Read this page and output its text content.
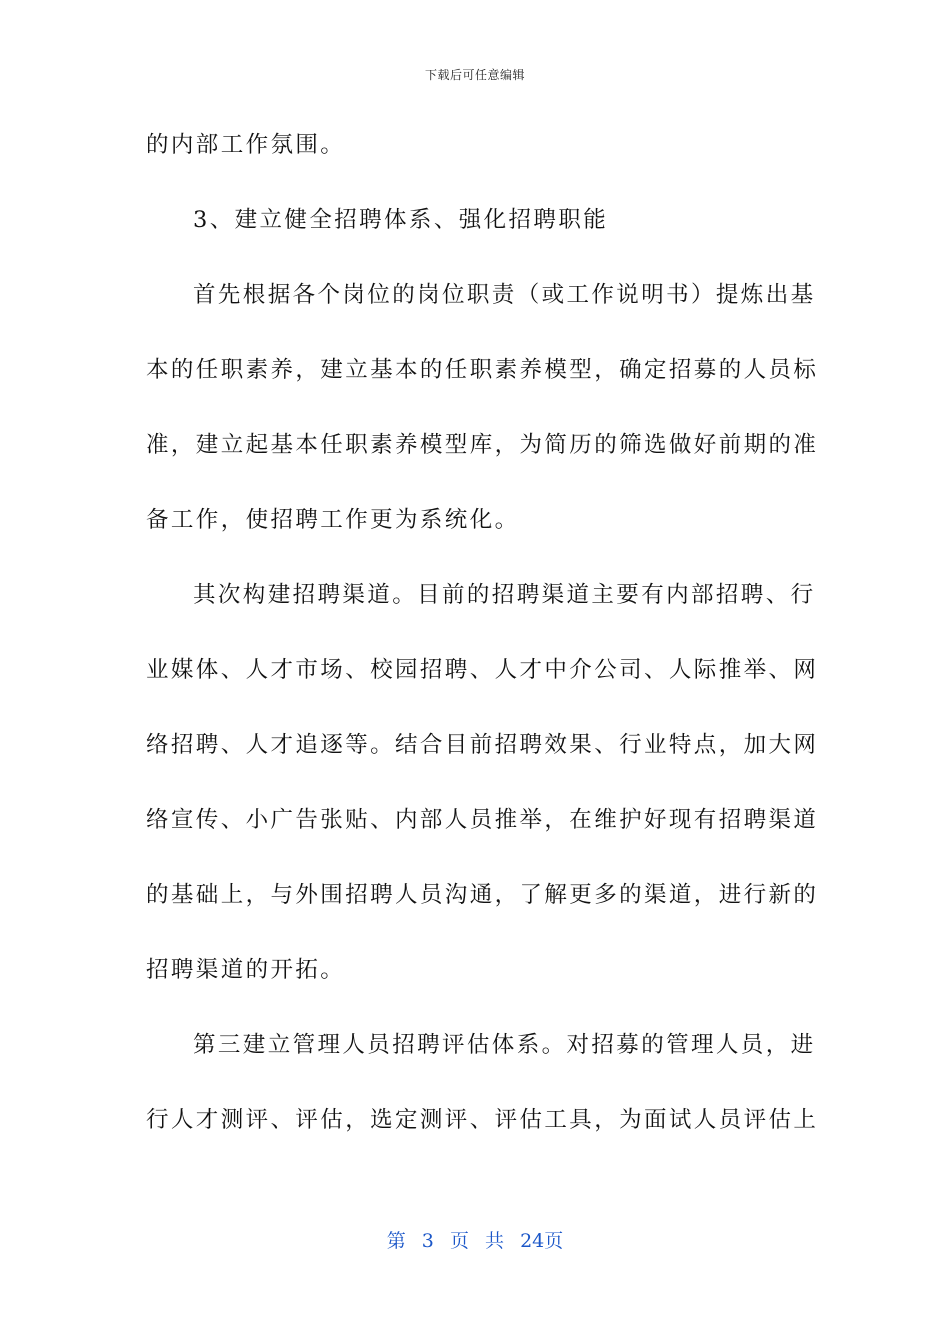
下载后可任意编辑
的内部工作氛围。
3、建立健全招聘体系、强化招聘职能
首先根据各个岗位的岗位职责（或工作说明书）提炼出基
本的任职素养，建立基本的任职素养模型，确定招募的人员标
准，建立起基本任职素养模型库，为简历的筛选做好前期的准
备工作，使招聘工作更为系统化。
其次构建招聘渠道。目前的招聘渠道主要有内部招聘、行
业媒体、人才市场、校园招聘、人才中介公司、人际推举、网
络招聘、人才追逐等。结合目前招聘效果、行业特点，加大网
络宣传、小广告张贴、内部人员推举，在维护好现有招聘渠道
的基础上，与外围招聘人员沟通，了解更多的渠道，进行新的
招聘渠道的开拓。
第三建立管理人员招聘评估体系。对招募的管理人员，进
行人才测评、评估，选定测评、评估工具，为面试人员评估上
第 3 页 共 24页
